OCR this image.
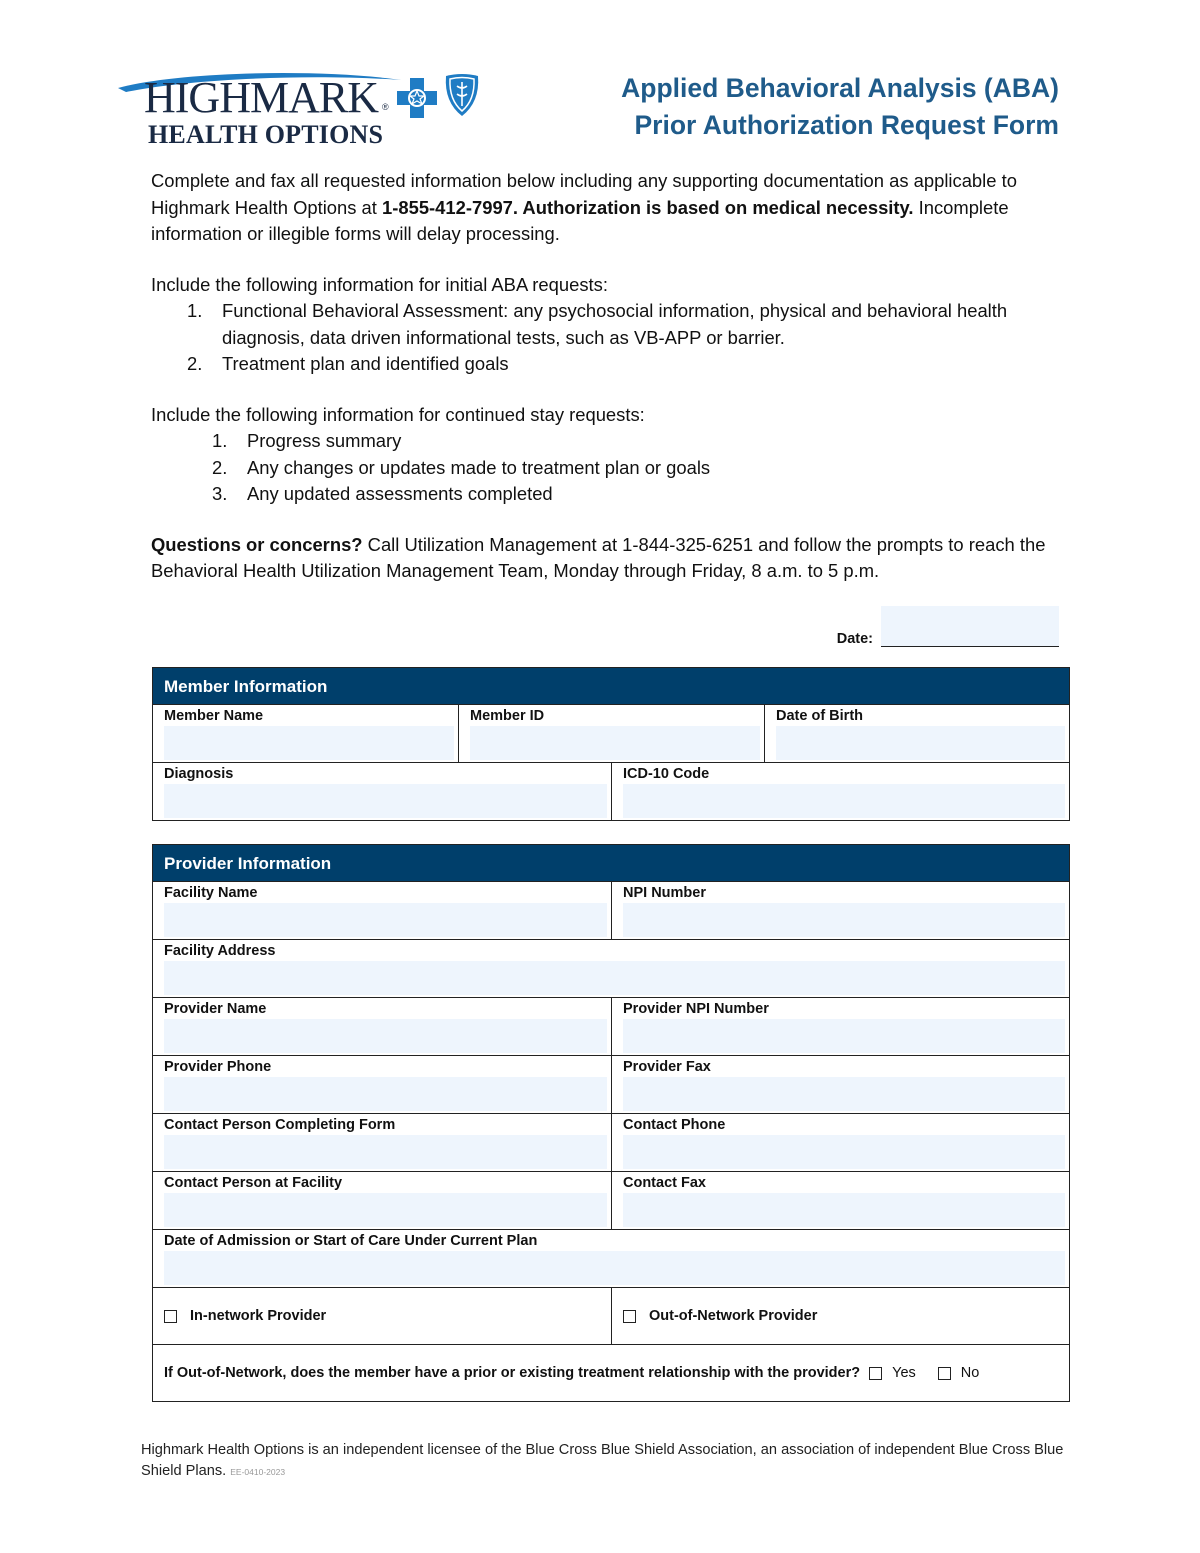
HIGHMARK ®
HEALTH OPTIONS
Applied Behavioral Analysis (ABA)
Prior Authorization Request Form

Complete and fax all requested information below including any supporting documentation as applicable to Highmark Health Options at 1-855-412-7997. Authorization is based on medical necessity. Incomplete information or illegible forms will delay processing.

Include the following information for initial ABA requests:

1. Functional Behavioral Assessment: any psychosocial information, physical and behavioral health diagnosis, data driven informational tests, such as VB-APP or barrier.
2. Treatment plan and identified goals

Include the following information for continued stay requests:

1. Progress summary
2. Any changes or updates made to treatment plan or goals
3. Any updated assessments completed

Questions or concerns? Call Utilization Management at 1-844-325-6251 and follow the prompts to reach the Behavioral Health Utilization Management Team, Monday through Friday, 8 a.m. to 5 p.m.

Date:
Member Information
Member Name	Member ID	Date of Birth
Diagnosis	ICD-10 Code
Provider Information
Facility Name	NPI Number
Facility Address
Provider Name	Provider NPI Number
Provider Phone	Provider Fax
Contact Person Completing Form	Contact Phone
Contact Person at Facility	Contact Fax
Date of Admission or Start of Care Under Current Plan
In-network Provider	Out-of-Network Provider
If Out-of-Network, does the member have a prior or existing treatment relationship with the provider? Yes	No
Highmark Health Options is an independent licensee of the Blue Cross Blue Shield Association, an association of independent Blue Cross Blue Shield Plans. EE-0410-2023
